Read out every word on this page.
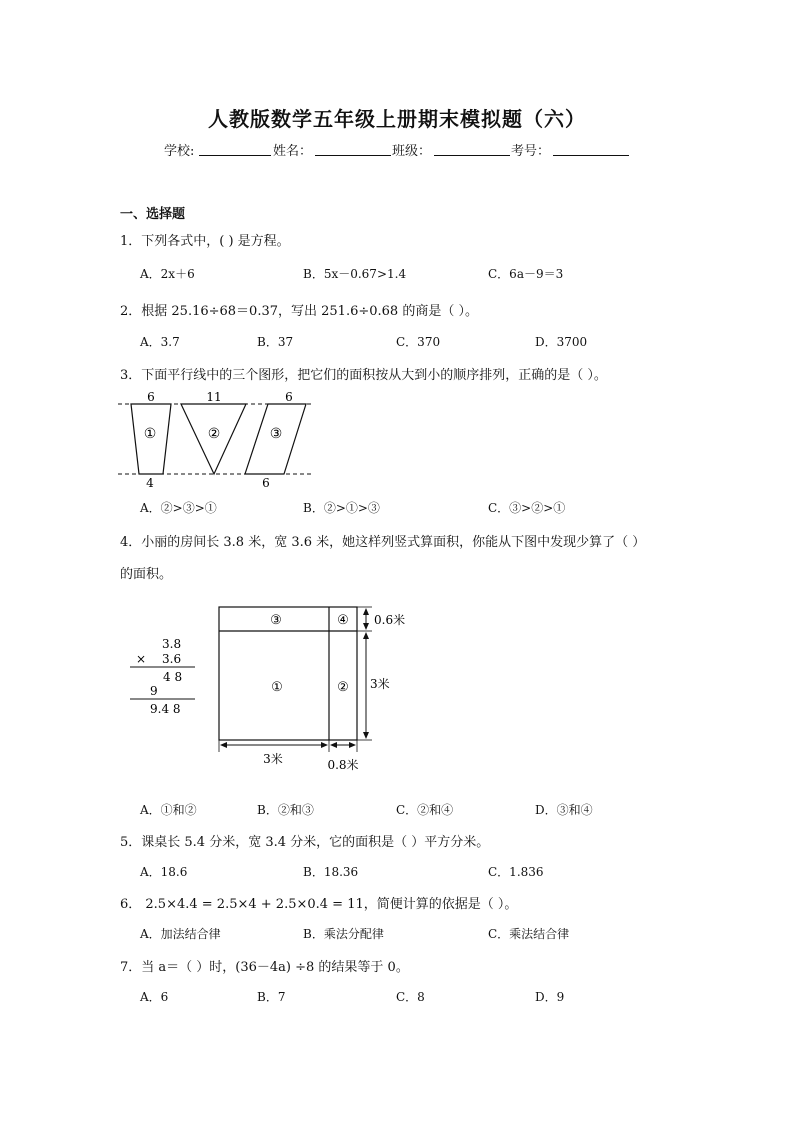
人教版数学五年级上册期末模拟题（六）
学校:	姓名：	班级：	考号：
一、选择题
1．下列各式中，( ) 是方程。
A．2x＋6	B．5x－0.67>1.4	C．6a－9＝3
2．根据 25.16÷68＝0.37，写出 251.6÷0.68 的商是（ ）。
A．3.7	B．37	C．370	D．3700
3．下面平行线中的三个图形，把它们的面积按从大到小的顺序排列，正确的是（ ）。
6	11	6
4	6
①	②	③
A．②>③>①	B．②>①>③	C．③>②>①
4．小丽的房间长 3.8 米，宽 3.6 米，她这样列竖式算面积，你能从下图中发现少算了（ ）
的面积。
3.8
× 3.6
4 8
9
9.4 8
③	④
①	②
0.6米
3米
3米	0.8米
A．①和②	B．②和③	C．②和④	D．③和④
5．课桌长 5.4 分米，宽 3.4 分米，它的面积是（ ）平方分米。
A．18.6	B．18.36	C．1.836
6． 2.5×4.4 = 2.5×4 + 2.5×0.4 = 11，简便计算的依据是（ ）。
A．加法结合律	B．乘法分配律	C．乘法结合律
7．当 a＝（ ）时，(36－4a) ÷8 的结果等于 0。
A．6	B．7	C．8	D．9
